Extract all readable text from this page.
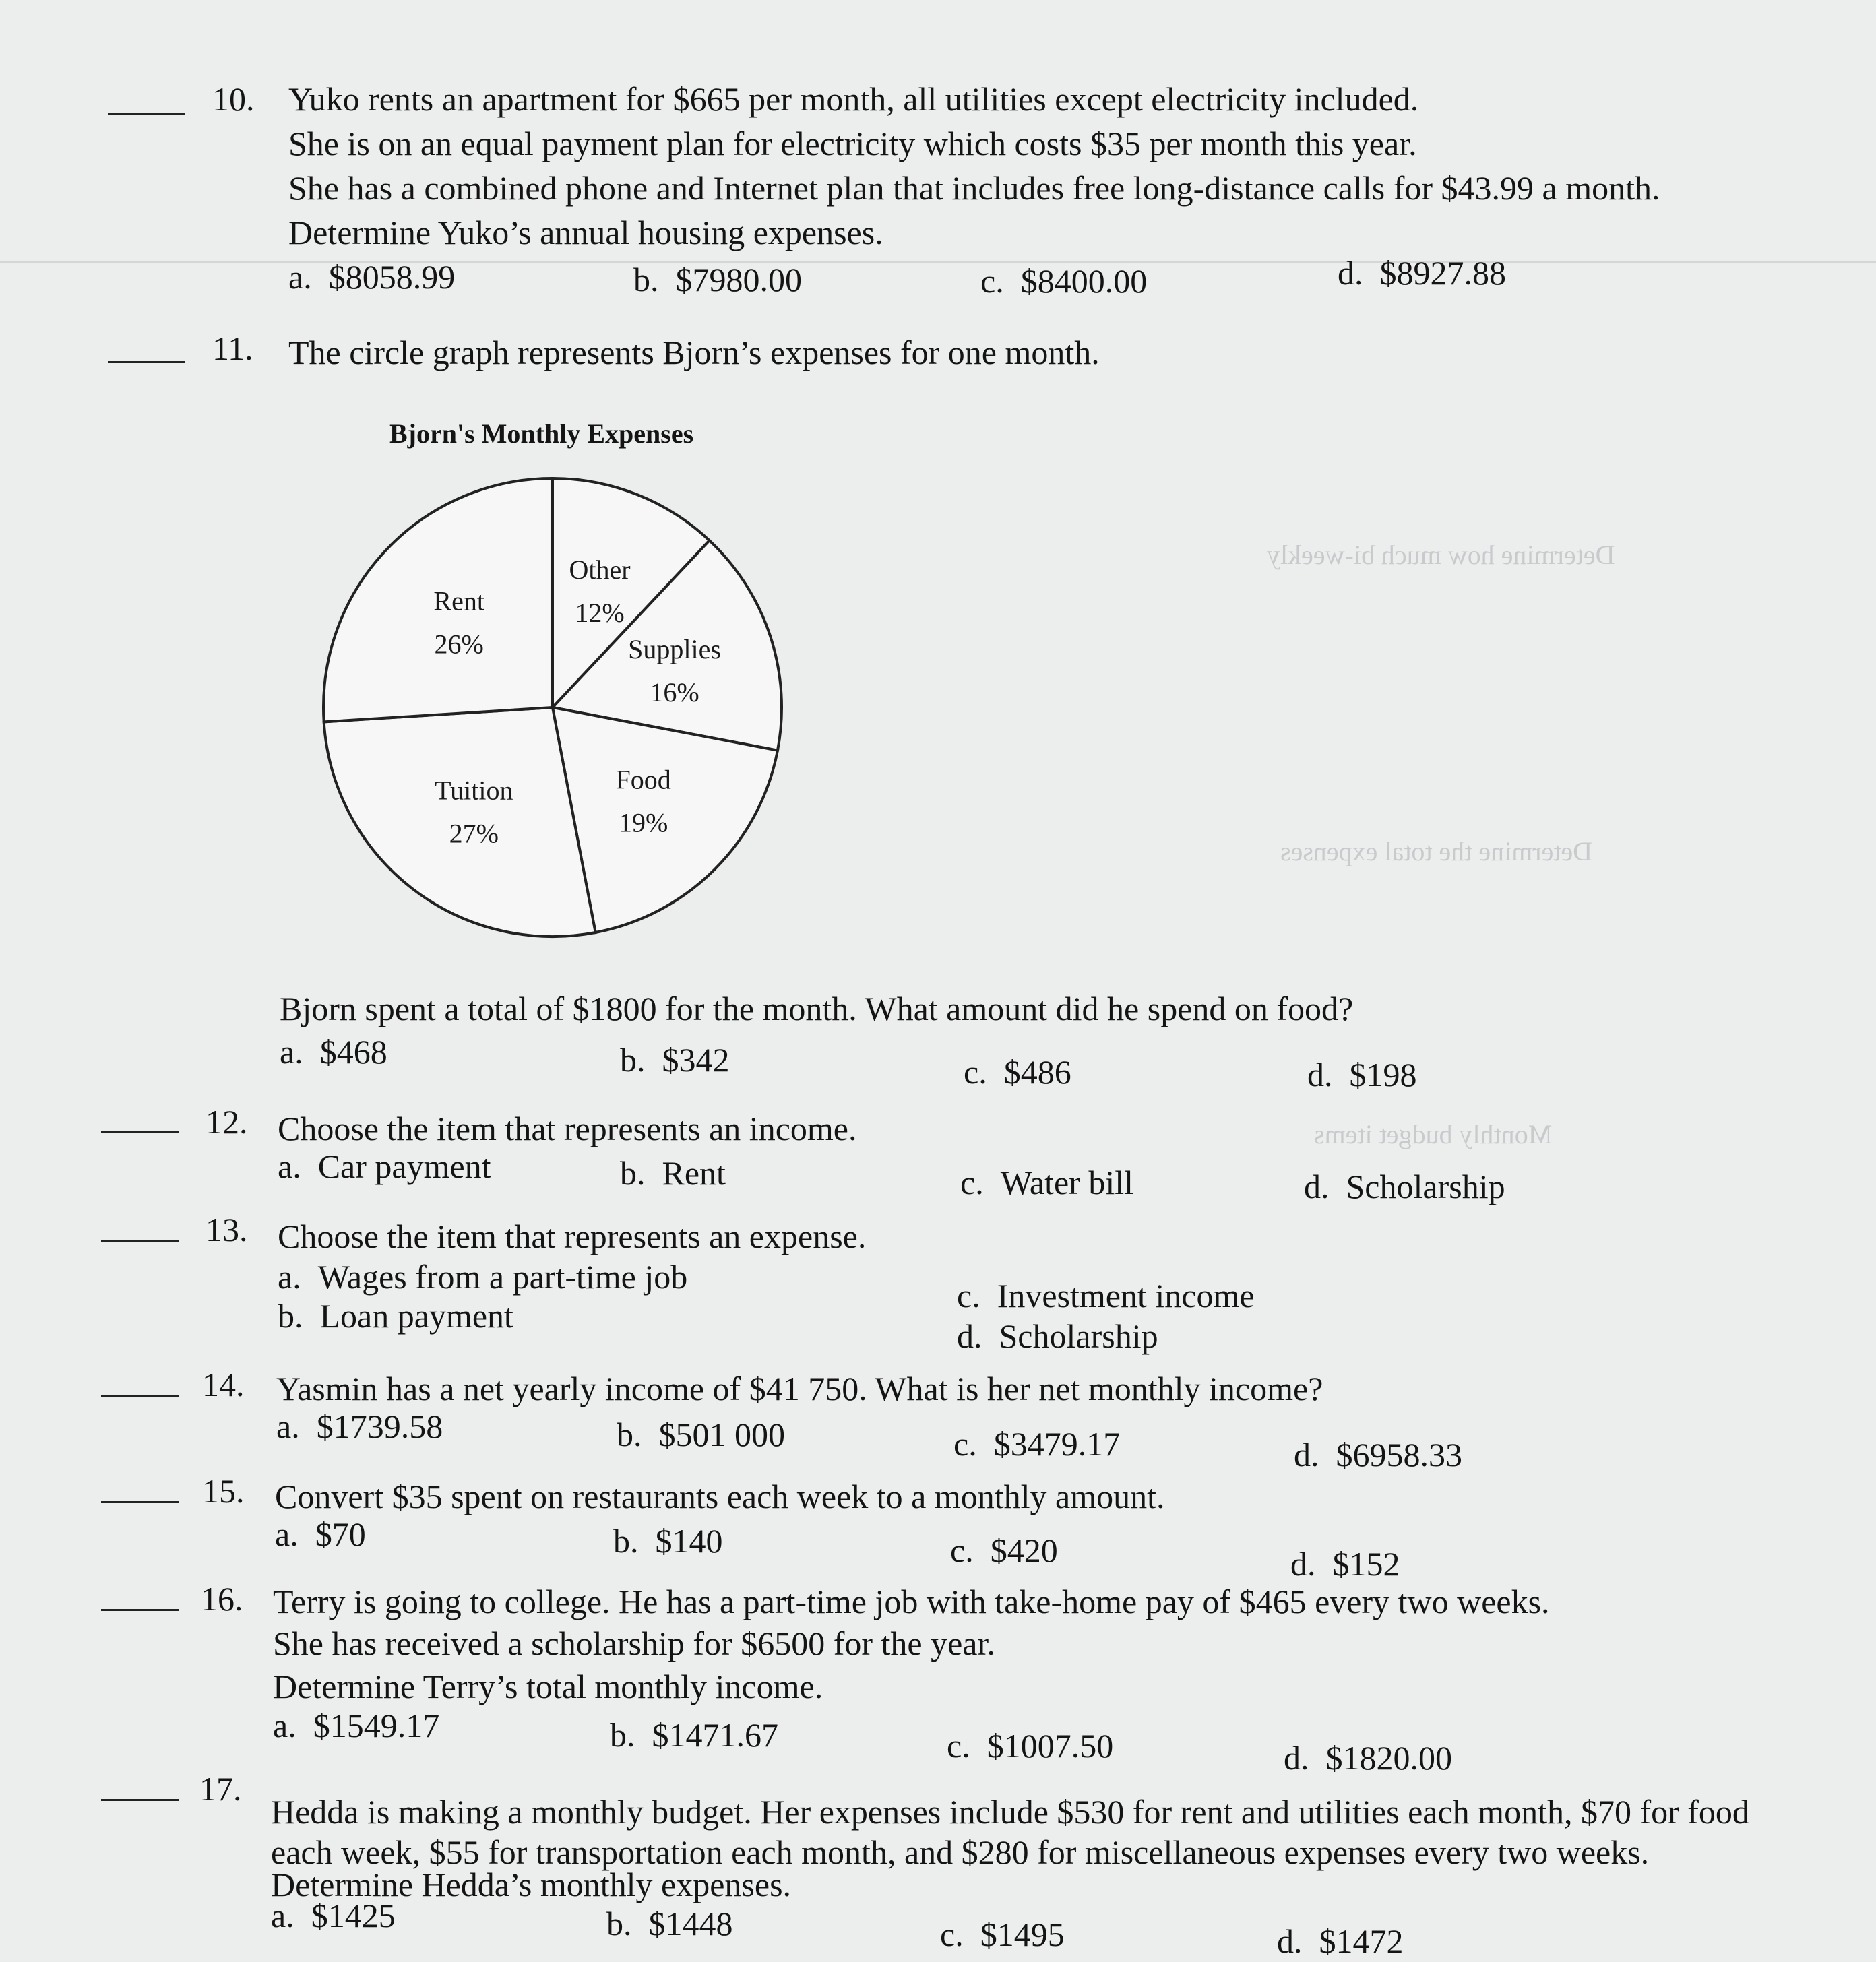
Determine how much bi-weekly
Determine the total expenses
Monthly budget items
10. Yuko rents an apartment for $665 per month, all utilities except electricity included.
She is on an equal payment plan for electricity which costs $35 per month this year.
She has a combined phone and Internet plan that includes free long-distance calls for $43.99 a month.
Determine Yuko’s annual housing expenses.
a. $8058.99	b. $7980.00	c. $8400.00	d. $8927.88
11. The circle graph represents Bjorn’s expenses for one month.
Bjorn's Monthly Expenses
Other
12%
Supplies
16%
Food
19%
Tuition
27%
Rent
26%
Bjorn spent a total of $1800 for the month. What amount did he spend on food?
a. $468	b. $342	c. $486	d. $198
12. Choose the item that represents an income.
a. Car payment	b. Rent	c. Water bill	d. Scholarship
13. Choose the item that represents an expense.
a. Wages from a part-time job
b. Loan payment
c. Investment income
d. Scholarship
14. Yasmin has a net yearly income of $41 750. What is her net monthly income?
a. $1739.58	b. $501 000	c. $3479.17	d. $6958.33
15. Convert $35 spent on restaurants each week to a monthly amount.
a. $70	b. $140	c. $420	d. $152
16. Terry is going to college. He has a part-time job with take-home pay of $465 every two weeks.
She has received a scholarship for $6500 for the year.
Determine Terry’s total monthly income.
a. $1549.17	b. $1471.67	c. $1007.50	d. $1820.00
17.
Hedda is making a monthly budget. Her expenses include $530 for rent and utilities each month, $70 for food
each week, $55 for transportation each month, and $280 for miscellaneous expenses every two weeks.
Determine Hedda’s monthly expenses.
a. $1425	b. $1448	c. $1495	d. $1472
